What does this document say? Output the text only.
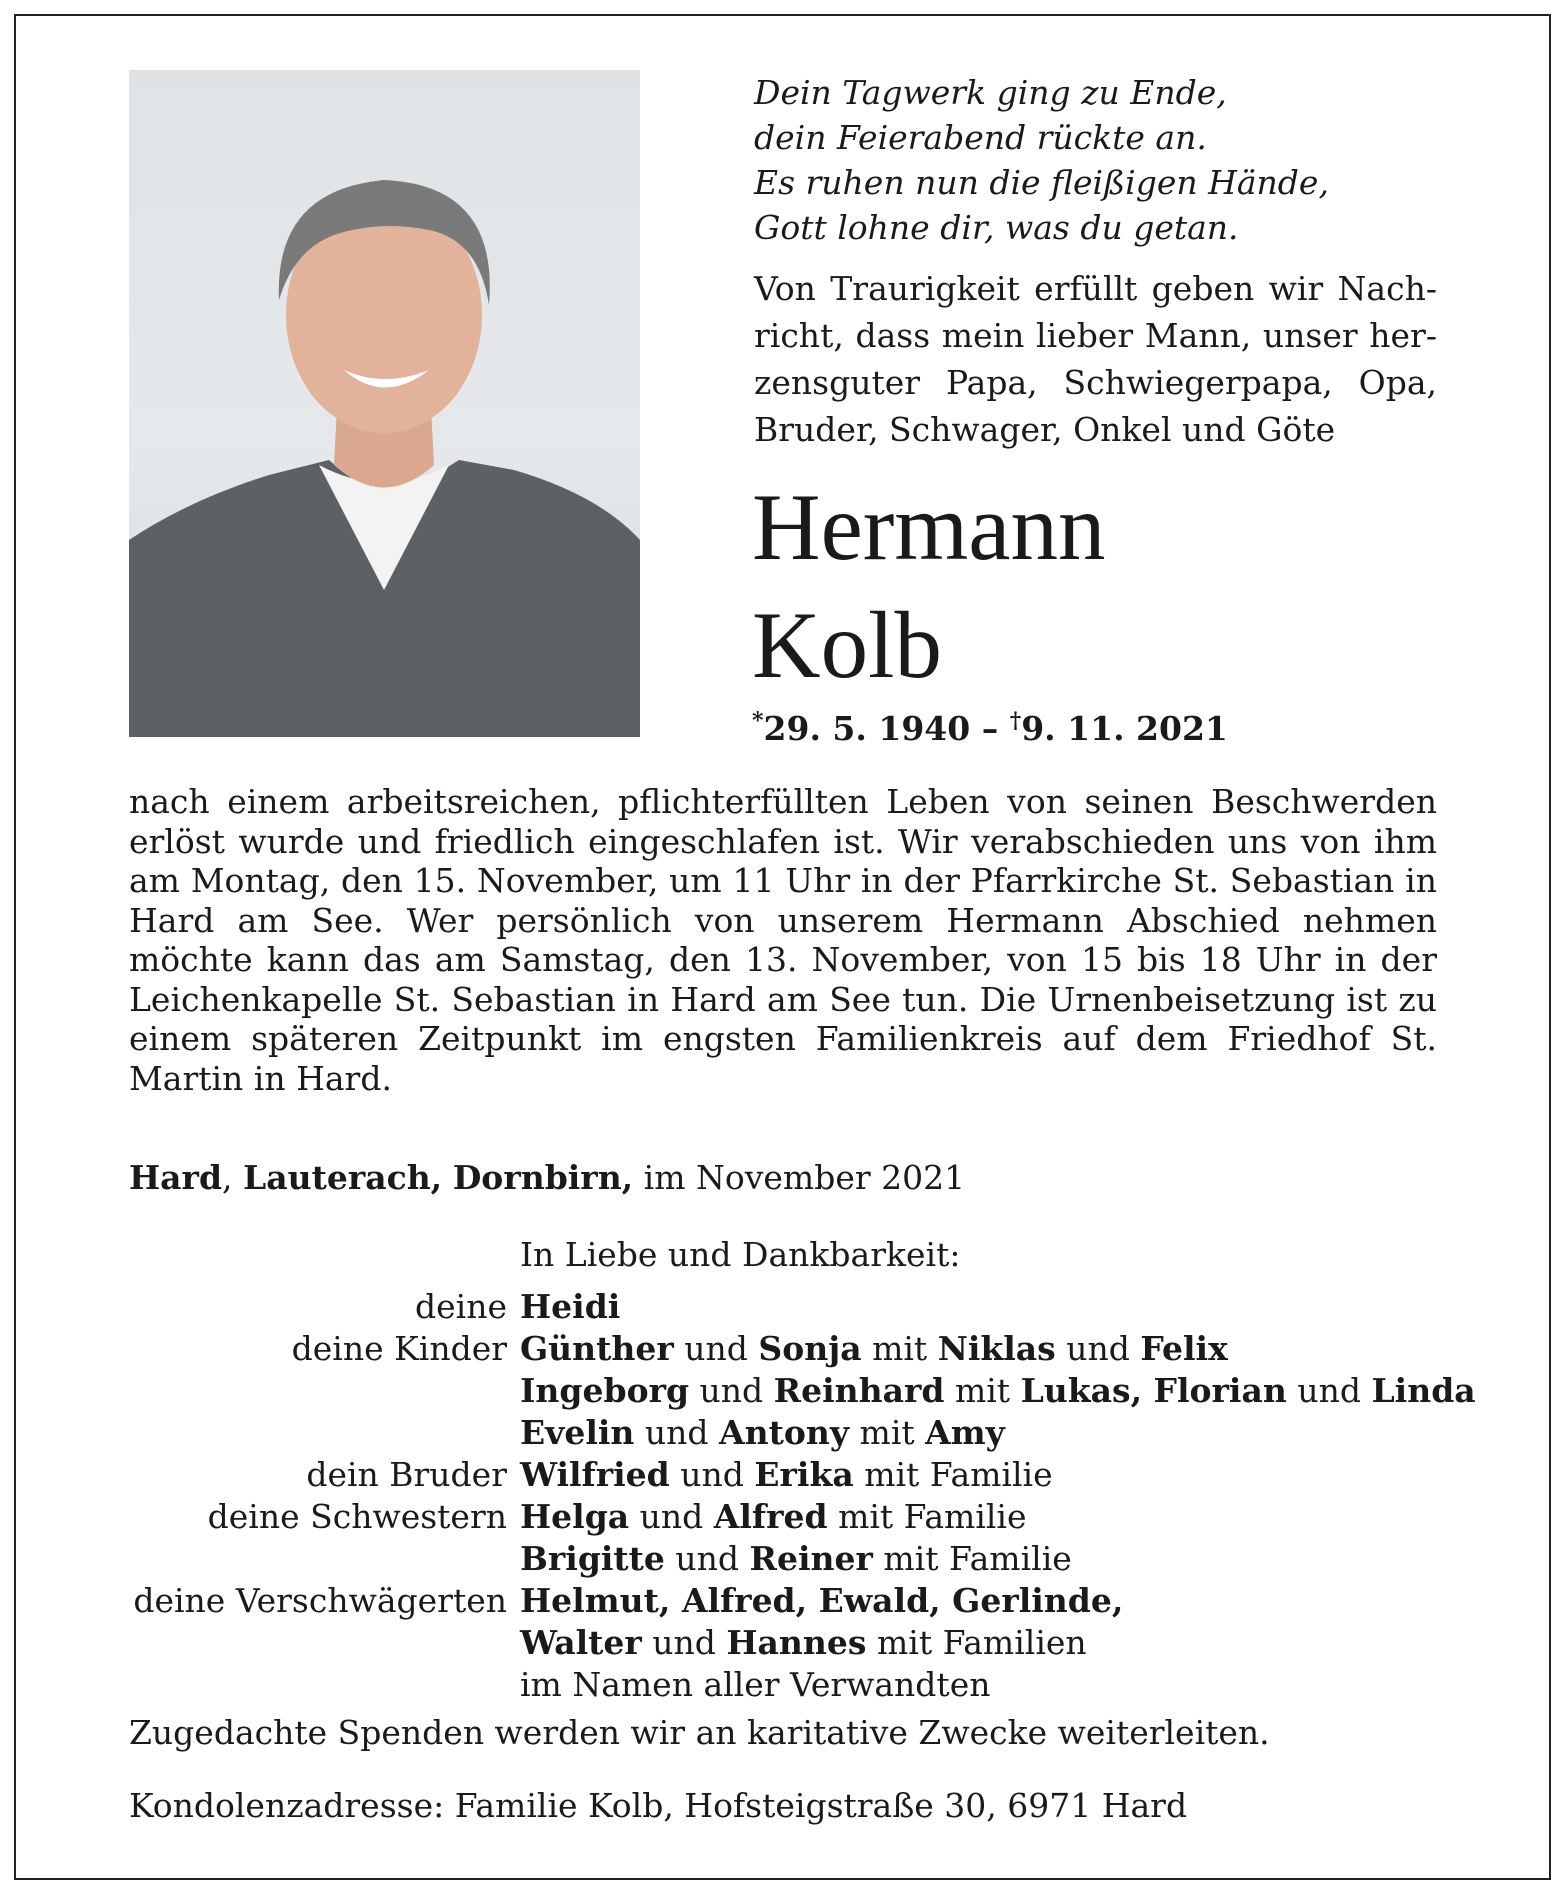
Dein Tagwerk ging zu Ende,
dein Feierabend rückte an.
Es ruhen nun die fleißigen Hände,
Gott lohne dir, was du getan.
Von Traurigkeit erfüllt geben wir Nachricht, dass mein lieber Mann, unser herzensguter Papa, Schwiegerpapa, Opa, Bruder, Schwager, Onkel und Göte
Hermann
Kolb
*29. 5. 1940 – †9. 11. 2021
nach einem arbeitsreichen, pflichterfüllten Leben von seinen Beschwerden erlöst wurde und friedlich eingeschlafen ist. Wir verabschieden uns von ihm am Montag, den 15. November, um 11 Uhr in der Pfarrkirche St. Sebastian in Hard am See. Wer persönlich von unserem Hermann Abschied nehmen möchte kann das am Samstag, den 13. November, von 15 bis 18 Uhr in der Leichenkapelle St. Sebastian in Hard am See tun. Die Urnenbeisetzung ist zu einem späteren Zeitpunkt im engsten Familienkreis auf dem Friedhof St. Martin in Hard.
Hard, Lauterach, Dornbirn, im November 2021
In Liebe und Dankbarkeit:
deine Heidi
deine Kinder Günther und Sonja mit Niklas und Felix
Ingeborg und Reinhard mit Lukas, Florian und Linda
Evelin und Antony mit Amy
dein Bruder Wilfried und Erika mit Familie
deine Schwestern Helga und Alfred mit Familie
Brigitte und Reiner mit Familie
deine Verschwägerten Helmut, Alfred, Ewald, Gerlinde,
Walter und Hannes mit Familien
im Namen aller Verwandten
Zugedachte Spenden werden wir an karitative Zwecke weiterleiten.
Kondolenzadresse: Familie Kolb, Hofsteigstraße 30, 6971 Hard
